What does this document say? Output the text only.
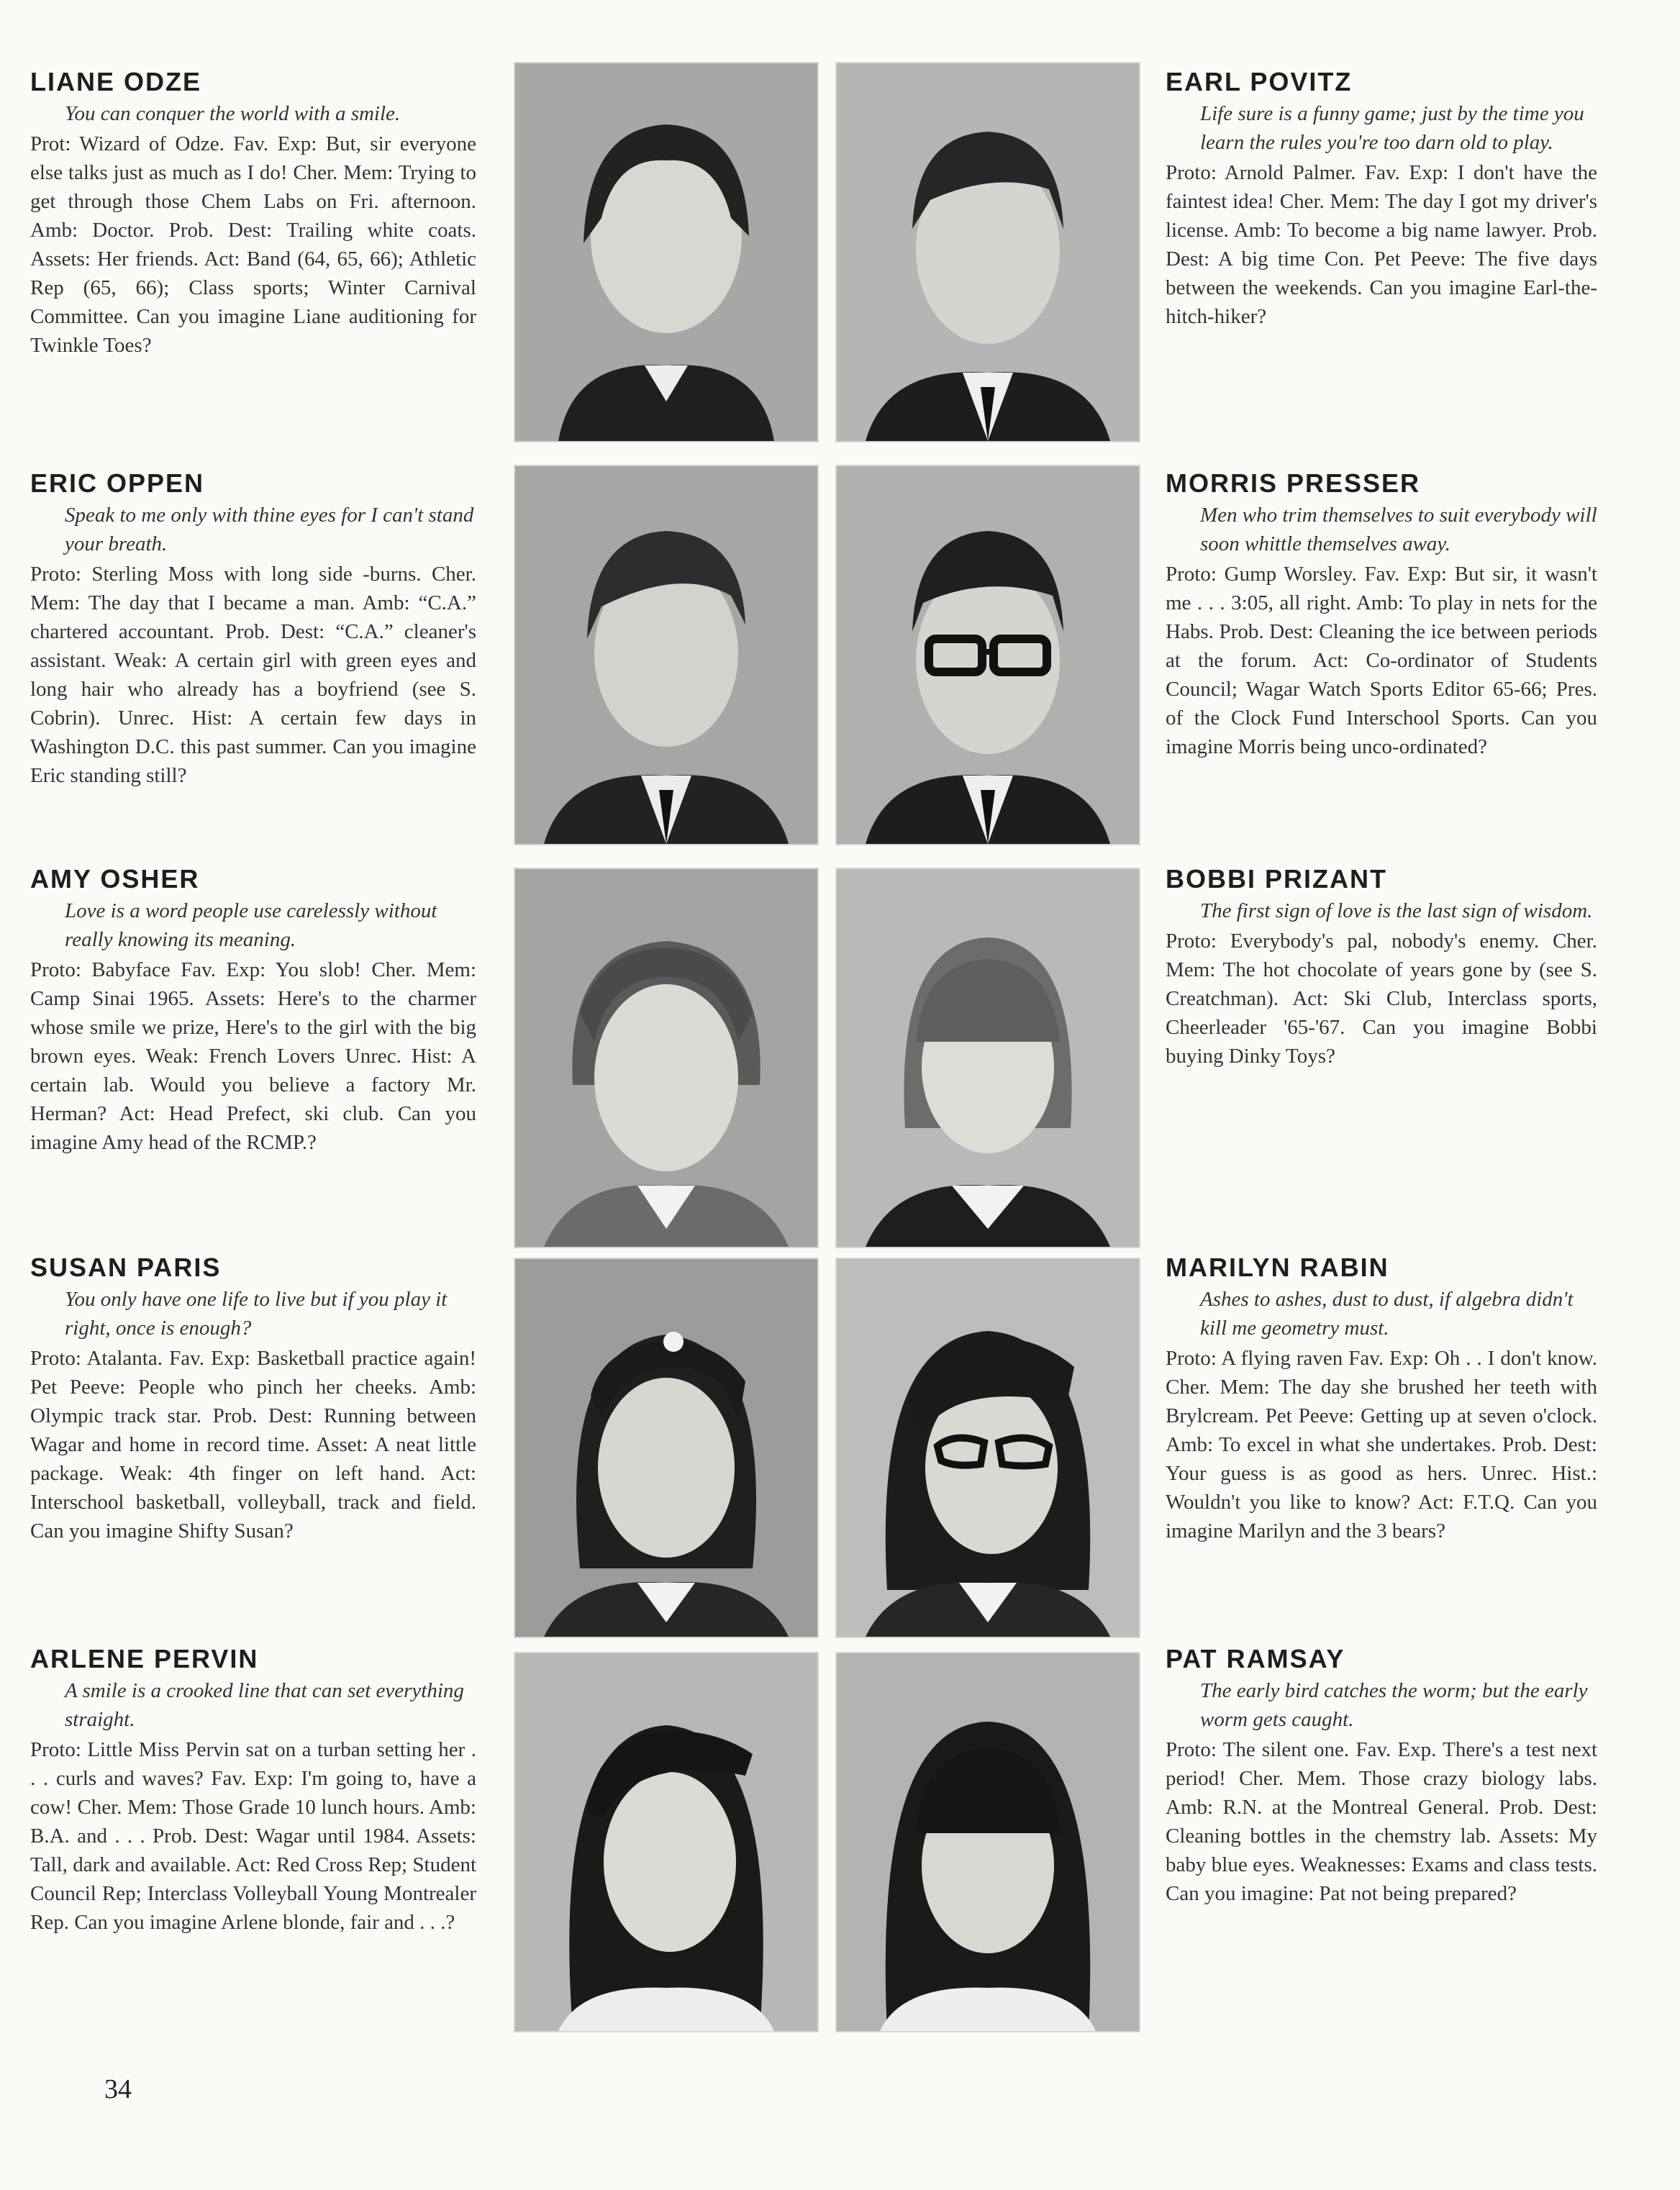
LIANE ODZE
You can conquer the world with a smile.
Prot: Wizard of Odze. Fav. Exp: But, sir everyone else talks just as much as I do! Cher. Mem: Trying to get through those Chem Labs on Fri. afternoon. Amb: Doctor. Prob. Dest: Trailing white coats. Assets: Her friends. Act: Band (64, 65, 66); Athletic Rep (65, 66); Class sports; Winter Carnival Committee. Can you imagine Liane auditioning for Twinkle Toes?
EARL POVITZ
Life sure is a funny game; just by the time you learn the rules you're too darn old to play.
Proto: Arnold Palmer. Fav. Exp: I don't have the faintest idea! Cher. Mem: The day I got my driver's license. Amb: To become a big name lawyer. Prob. Dest: A big time Con. Pet Peeve: The five days between the weekends. Can you imagine Earl-the-hitch-hiker?
ERIC OPPEN
Speak to me only with thine eyes for I can't stand your breath.
Proto: Sterling Moss with long side -burns. Cher. Mem: The day that I became a man. Amb: “C.A.” chartered accountant. Prob. Dest: “C.A.” cleaner's assistant. Weak: A certain girl with green eyes and long hair who already has a boyfriend (see S. Cobrin). Unrec. Hist: A certain few days in Washington D.C. this past summer. Can you imagine Eric standing still?
MORRIS PRESSER
Men who trim themselves to suit everybody will soon whittle themselves away.
Proto: Gump Worsley. Fav. Exp: But sir, it wasn't me . . . 3:05, all right. Amb: To play in nets for the Habs. Prob. Dest: Cleaning the ice between periods at the forum. Act: Co-ordinator of Students Council; Wagar Watch Sports Editor 65-66; Pres. of the Clock Fund Interschool Sports. Can you imagine Morris being unco-ordinated?
AMY OSHER
Love is a word people use carelessly without really knowing its meaning.
Proto: Babyface Fav. Exp: You slob! Cher. Mem: Camp Sinai 1965. Assets: Here's to the charmer whose smile we prize, Here's to the girl with the big brown eyes. Weak: French Lovers Unrec. Hist: A certain lab. Would you believe a factory Mr. Herman? Act: Head Prefect, ski club. Can you imagine Amy head of the RCMP.?
BOBBI PRIZANT
The first sign of love is the last sign of wisdom.
Proto: Everybody's pal, nobody's enemy. Cher. Mem: The hot chocolate of years gone by (see S. Creatchman). Act: Ski Club, Interclass sports, Cheerleader '65-'67. Can you imagine Bobbi buying Dinky Toys?
SUSAN PARIS
You only have one life to live but if you play it right, once is enough?
Proto: Atalanta. Fav. Exp: Basketball practice again! Pet Peeve: People who pinch her cheeks. Amb: Olympic track star. Prob. Dest: Running between Wagar and home in record time. Asset: A neat little package. Weak: 4th finger on left hand. Act: Interschool basketball, volleyball, track and field. Can you imagine Shifty Susan?
MARILYN RABIN
Ashes to ashes, dust to dust, if algebra didn't kill me geometry must.
Proto: A flying raven Fav. Exp: Oh . . I don't know. Cher. Mem: The day she brushed her teeth with Brylcream. Pet Peeve: Getting up at seven o'clock. Amb: To excel in what she undertakes. Prob. Dest: Your guess is as good as hers. Unrec. Hist.: Wouldn't you like to know? Act: F.T.Q. Can you imagine Marilyn and the 3 bears?
ARLENE PERVIN
A smile is a crooked line that can set everything straight.
Proto: Little Miss Pervin sat on a turban setting her . . . curls and waves? Fav. Exp: I'm going to, have a cow! Cher. Mem: Those Grade 10 lunch hours. Amb: B.A. and . . . Prob. Dest: Wagar until 1984. Assets: Tall, dark and available. Act: Red Cross Rep; Student Council Rep; Interclass Volleyball Young Montrealer Rep. Can you imagine Arlene blonde, fair and . . .?
PAT RAMSAY
The early bird catches the worm; but the early worm gets caught.
Proto: The silent one. Fav. Exp. There's a test next period! Cher. Mem. Those crazy biology labs. Amb: R.N. at the Montreal General. Prob. Dest: Cleaning bottles in the chemstry lab. Assets: My baby blue eyes. Weaknesses: Exams and class tests. Can you imagine: Pat not being prepared?
34
